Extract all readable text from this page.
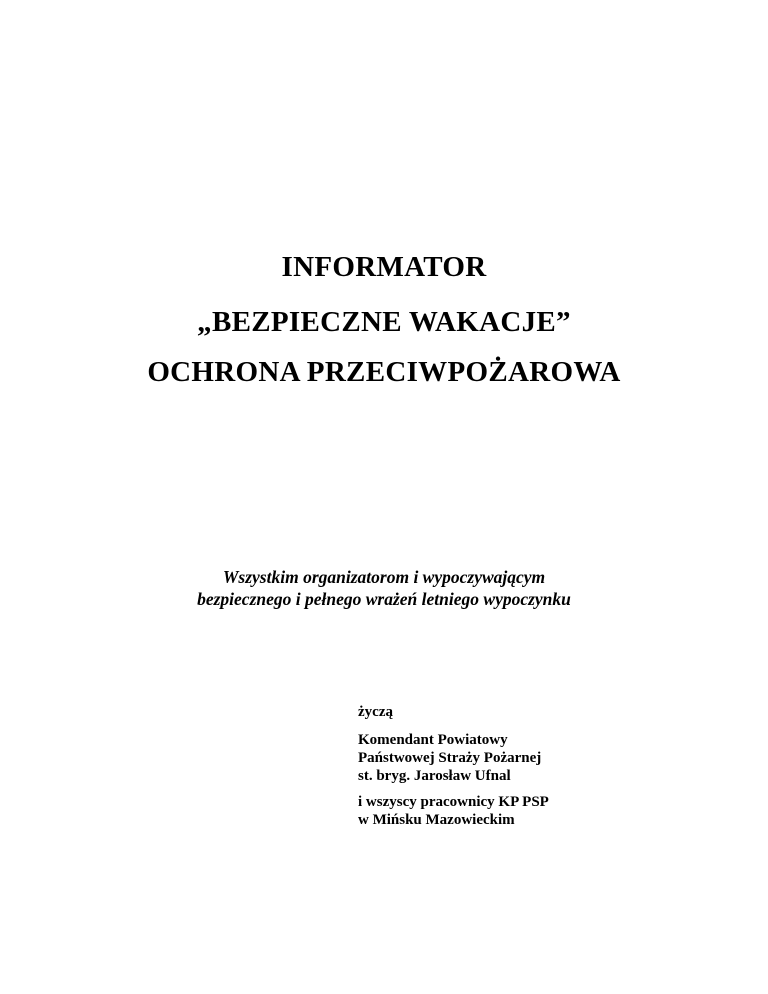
INFORMATOR
„BEZPIECZNE WAKACJE”
OCHRONA PRZECIWPOŻAROWA
Wszystkim organizatorom i wypoczywającym
bezpiecznego i pełnego wrażeń letniego wypoczynku
życzą
Komendant Powiatowy
Państwowej Straży Pożarnej
st. bryg. Jarosław Ufnal
i wszyscy pracownicy KP PSP
w Mińsku Mazowieckim
